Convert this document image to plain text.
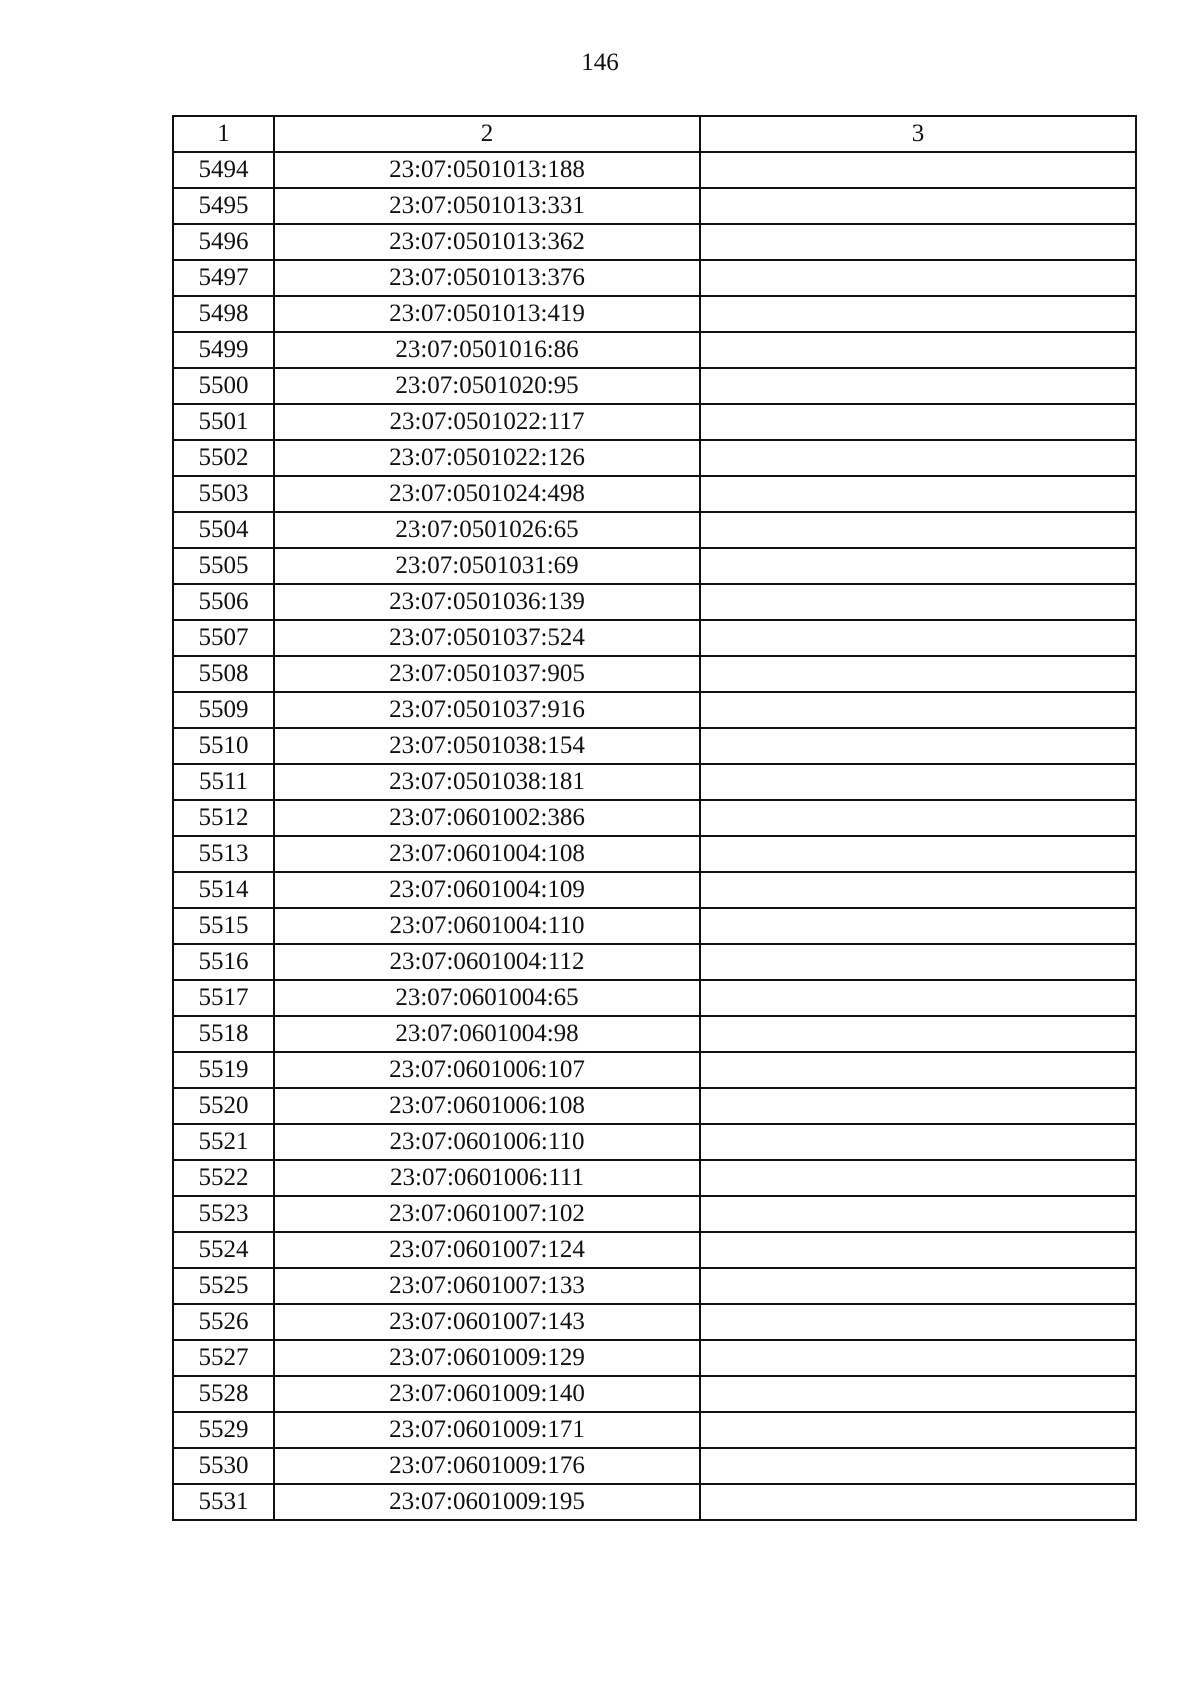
146
1	2	3
5494	23:07:0501013:188	
5495	23:07:0501013:331	
5496	23:07:0501013:362	
5497	23:07:0501013:376	
5498	23:07:0501013:419	
5499	23:07:0501016:86	
5500	23:07:0501020:95	
5501	23:07:0501022:117	
5502	23:07:0501022:126	
5503	23:07:0501024:498	
5504	23:07:0501026:65	
5505	23:07:0501031:69	
5506	23:07:0501036:139	
5507	23:07:0501037:524	
5508	23:07:0501037:905	
5509	23:07:0501037:916	
5510	23:07:0501038:154	
5511	23:07:0501038:181	
5512	23:07:0601002:386	
5513	23:07:0601004:108	
5514	23:07:0601004:109	
5515	23:07:0601004:110	
5516	23:07:0601004:112	
5517	23:07:0601004:65	
5518	23:07:0601004:98	
5519	23:07:0601006:107	
5520	23:07:0601006:108	
5521	23:07:0601006:110	
5522	23:07:0601006:111	
5523	23:07:0601007:102	
5524	23:07:0601007:124	
5525	23:07:0601007:133	
5526	23:07:0601007:143	
5527	23:07:0601009:129	
5528	23:07:0601009:140	
5529	23:07:0601009:171	
5530	23:07:0601009:176	
5531	23:07:0601009:195	
